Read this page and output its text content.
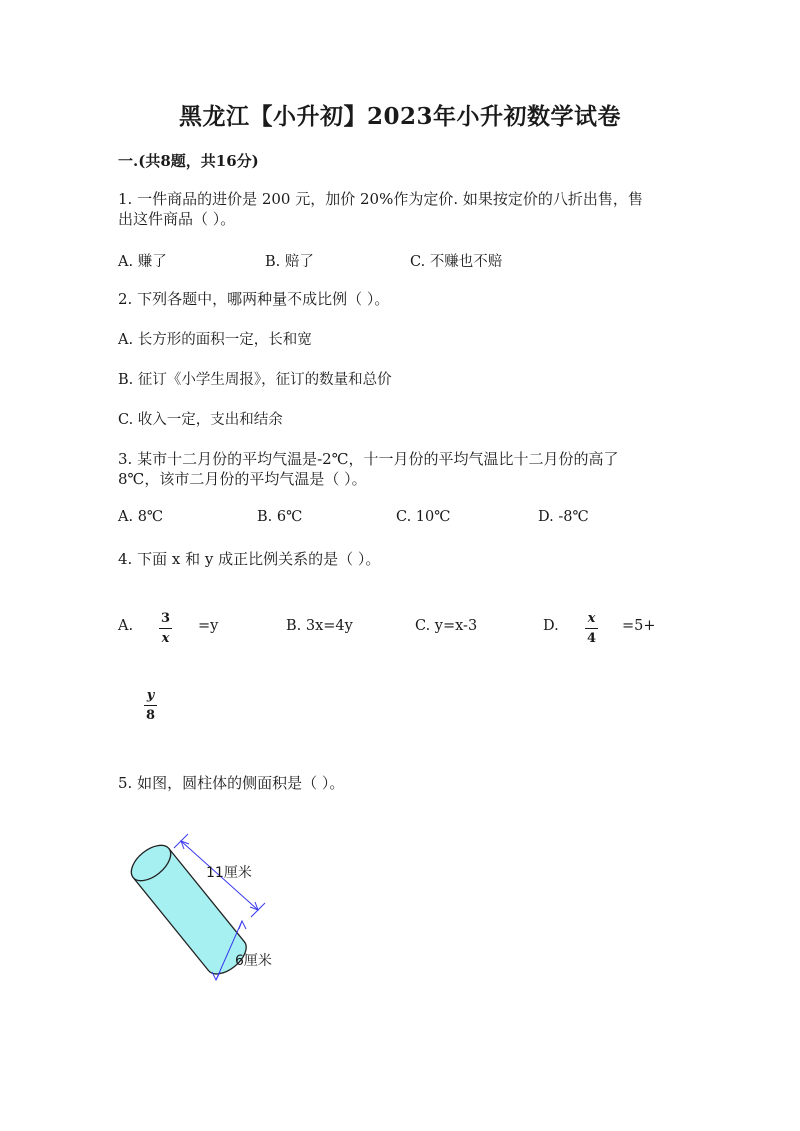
黑龙江【小升初】2023年小升初数学试卷
一.(共8题，共16分)
1. 一件商品的进价是 200 元，加价 20%作为定价. 如果按定价的八折出售，售
出这件商品（ ）。
A. 赚了	B. 赔了	C. 不赚也不赔
2. 下列各题中，哪两种量不成比例（ ）。
A. 长方形的面积一定，长和宽
B. 征订《小学生周报》，征订的数量和总价
C. 收入一定，支出和结余
3. 某市十二月份的平均气温是-2℃，十一月份的平均气温比十二月份的高了
8℃，该市二月份的平均气温是（ ）。
A. 8℃	B. 6℃	C. 10℃	D. -8℃
4. 下面 x 和 y 成正比例关系的是（ ）。
A. 3
x
=y	B. 3x=4y	C. y=x-3	D. x
4
=5+
y
8
5. 如图，圆柱体的侧面积是（ ）。
11厘米
6厘米
